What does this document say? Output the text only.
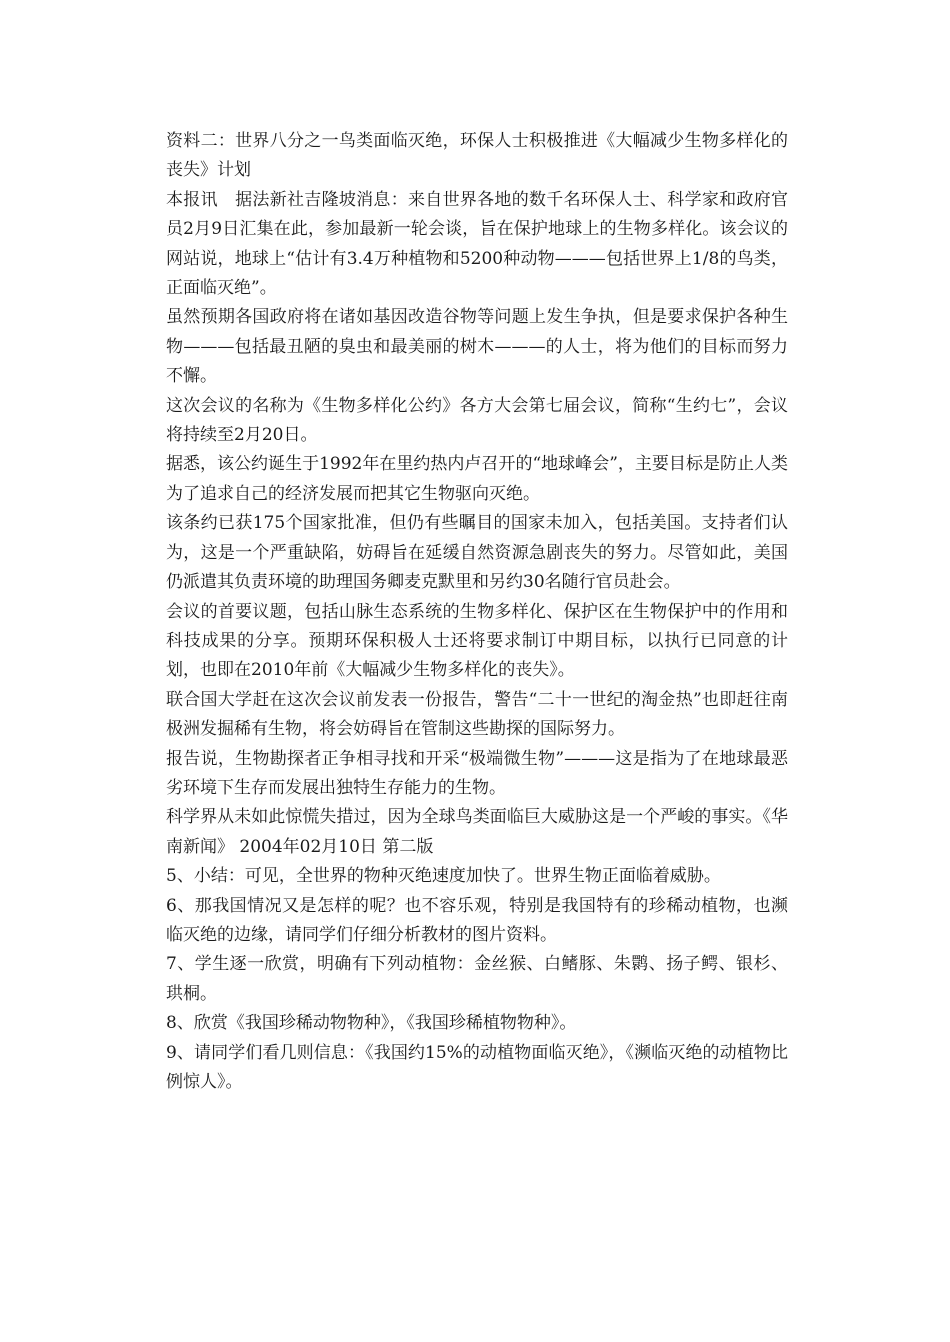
资料二：世界八分之一鸟类面临灭绝，环保人士积极推进《大幅减少生物多样化的丧失》计划

本报讯　据法新社吉隆坡消息：来自世界各地的数千名环保人士、科学家和政府官员2月9日汇集在此，参加最新一轮会谈，旨在保护地球上的生物多样化。该会议的网站说，地球上“估计有3.4万种植物和5200种动物———包括世界上1/8的鸟类，正面临灭绝”。

虽然预期各国政府将在诸如基因改造谷物等问题上发生争执，但是要求保护各种生物———包括最丑陋的臭虫和最美丽的树木———的人士，将为他们的目标而努力不懈。

这次会议的名称为《生物多样化公约》各方大会第七届会议，简称“生约七”，会议将持续至2月20日。

据悉，该公约诞生于1992年在里约热内卢召开的“地球峰会”，主要目标是防止人类为了追求自己的经济发展而把其它生物驱向灭绝。

该条约已获175个国家批准，但仍有些瞩目的国家未加入，包括美国。支持者们认为，这是一个严重缺陷，妨碍旨在延缓自然资源急剧丧失的努力。尽管如此，美国仍派遣其负责环境的助理国务卿麦克默里和另约30名随行官员赴会。

会议的首要议题，包括山脉生态系统的生物多样化、保护区在生物保护中的作用和科技成果的分享。预期环保积极人士还将要求制订中期目标，以执行已同意的计划，也即在2010年前《大幅减少生物多样化的丧失》。

联合国大学赶在这次会议前发表一份报告，警告“二十一世纪的淘金热”也即赶往南极洲发掘稀有生物，将会妨碍旨在管制这些勘探的国际努力。

报告说，生物勘探者正争相寻找和开采“极端微生物”———这是指为了在地球最恶劣环境下生存而发展出独特生存能力的生物。

科学界从未如此惊慌失措过，因为全球鸟类面临巨大威胁这是一个严峻的事实。《华南新闻》 2004年02月10日 第二版

5、小结：可见，全世界的物种灭绝速度加快了。世界生物正面临着威胁。

6、那我国情况又是怎样的呢？也不容乐观，特别是我国特有的珍稀动植物，也濒临灭绝的边缘，请同学们仔细分析教材的图片资料。

7、学生逐一欣赏，明确有下列动植物：金丝猴、白鳍豚、朱鹮、扬子鳄、银杉、珙桐。

8、欣赏《我国珍稀动物物种》，《我国珍稀植物物种》。

9、请同学们看几则信息：《我国约15%的动植物面临灭绝》，《濒临灭绝的动植物比例惊人》。
